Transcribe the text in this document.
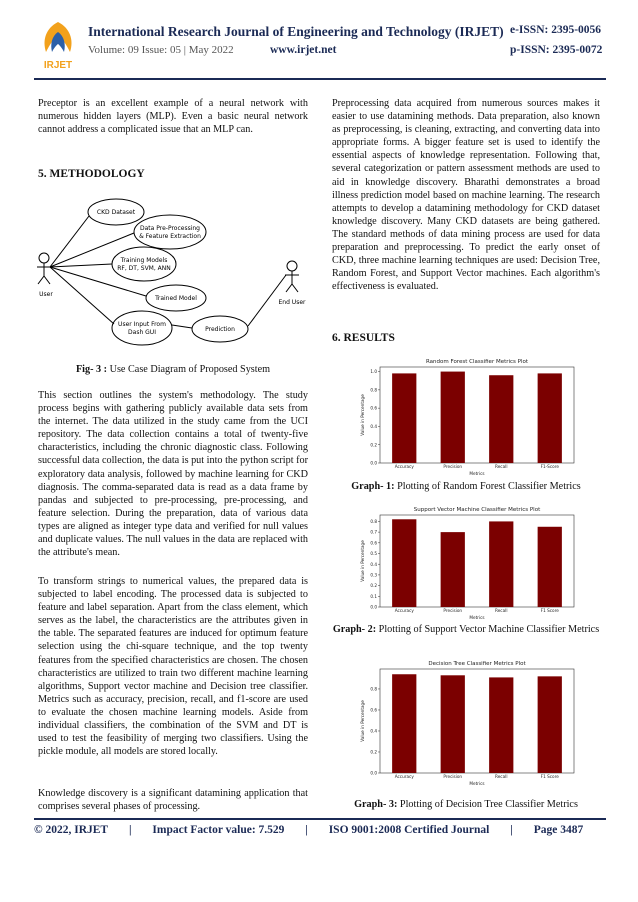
IRJET
International Research Journal of Engineering and Technology (IRJET) e-ISSN: 2395-0056
Volume: 09 Issue: 05 | May 2022	www.irjet.net	p-ISSN: 2395-0072
Preceptor is an excellent example of a neural network with numerous hidden layers (MLP). Even a basic neural network cannot address a complicated issue that an MLP can.
5. METHODOLOGY
User
End User
CKD Dataset
Data Pre-Processing
& Feature Extraction
Training Models
RF, DT, SVM, ANN
Trained Model
User Input From
Dash GUI	Prediction
Fig- 3 : Use Case Diagram of Proposed System
This section outlines the system's methodology. The study process begins with gathering publicly available data sets from the internet. The data utilized in the study came from the UCI repository. The data collection contains a total of twenty-five characteristics, including the chronic diagnostic class. Following successful data collection, the data is put into the python script for exploratory data analysis, followed by machine learning for CKD diagnosis. The comma-separated data is read as a data frame by pandas and subjected to pre-processing, pre-processing, and feature selection. During the preparation, data of various data types are aligned as integer type data and verified for null values and duplicate values. The null values in the data are replaced with the attribute's mean.
To transform strings to numerical values, the prepared data is subjected to label encoding. The processed data is subjected to feature and label separation. Apart from the class element, which serves as the label, the characteristics are the attributes given in the table. The separated features are induced for optimum feature selection using the chi-square technique, and the top twenty features from the specified characteristics are chosen. The chosen characteristics are utilized to train two different machine learning algorithms, Support vector machine and Decision tree classifier. Metrics such as accuracy, precision, recall, and f1-score are used to evaluate the chosen machine learning models. Aside from individual classifiers, the combination of the SVM and DT is used to test the feasibility of merging two classifiers. Using the pickle module, all models are stored locally.
Knowledge discovery is a significant datamining application that comprises several phases of processing.
Preprocessing data acquired from numerous sources makes it easier to use datamining methods. Data preparation, also known as preprocessing, is cleaning, extracting, and converting data into appropriate forms. A bigger feature set is used to identify the essential aspects of knowledge representation. Following that, several categorization or pattern assessment methods are used to aid in knowledge discovery. Bharathi demonstrates a broad illness prediction model based on machine learning. The research attempts to develop a datamining methodology for CKD dataset knowledge discovery. Many CKD datasets are being gathered. The standard methods of data mining process are used for data preparation and preprocessing. To predict the early onset of CKD, three machine learning techniques are used: Decision Tree, Random Forest, and Support Vector machines. Each algorithm's effectiveness is evaluated.
6. RESULTS
Random Forest Classifier Metrics Plot
0.0
0.2
0.4
0.6
0.8
1.0
Value in Percentage
Accuracy	Precision	Recall	F1-Score
Metrics
Graph- 1: Plotting of Random Forest Classifier Metrics
Support Vector Machine Classifier Metrics Plot
0.0
0.1
0.2
0.3
0.4
0.5
0.6
0.7
0.8
Value in Percentage
Accuracy	Precision	Recall	F1 Score
Metrics
Graph- 2: Plotting of Support Vector Machine Classifier Metrics
Decision Tree Classifier Metrics Plot
0.0
0.2
0.4
0.6
0.8
Value in Percentage
Accuracy	Precision	Recall	F1 Score
Metrics
Graph- 3: Plotting of Decision Tree Classifier Metrics
© 2022, IRJET | Impact Factor value: 7.529 | ISO 9001:2008 Certified Journal | Page 3487
